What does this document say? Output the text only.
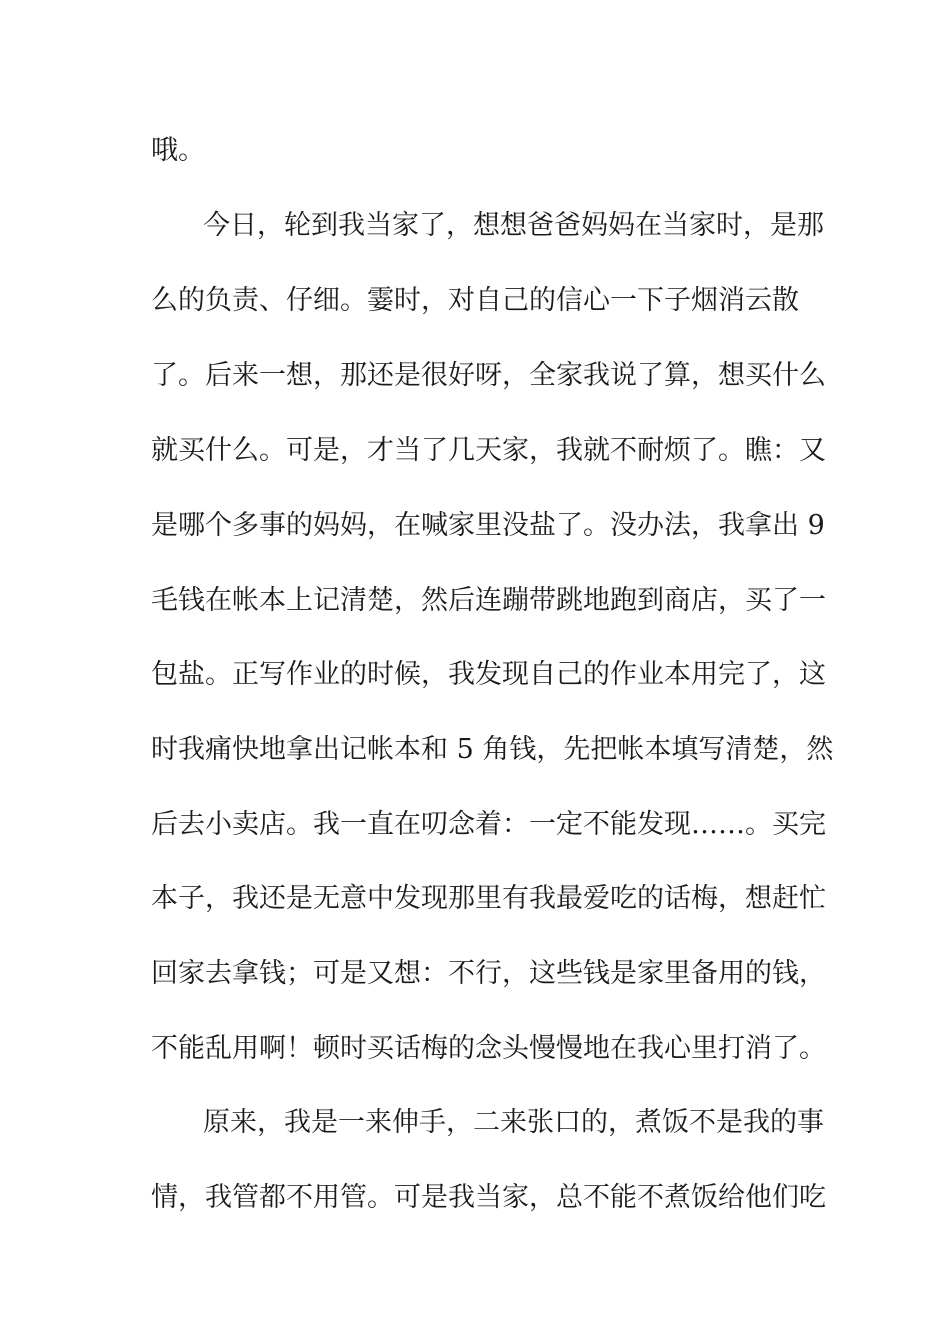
哦。
今日，轮到我当家了，想想爸爸妈妈在当家时，是那
么的负责、仔细。霎时，对自己的信心一下子烟消云散
了。后来一想，那还是很好呀，全家我说了算，想买什么
就买什么。可是，才当了几天家，我就不耐烦了。瞧：又
是哪个多事的妈妈，在喊家里没盐了。没办法，我拿出 9
毛钱在帐本上记清楚，然后连蹦带跳地跑到商店，买了一
包盐。正写作业的时候，我发现自己的作业本用完了，这
时我痛快地拿出记帐本和 5 角钱，先把帐本填写清楚，然
后去小卖店。我一直在叨念着：一定不能发现……。买完
本子，我还是无意中发现那里有我最爱吃的话梅，想赶忙
回家去拿钱；可是又想：不行，这些钱是家里备用的钱，
不能乱用啊！顿时买话梅的念头慢慢地在我心里打消了。
原来，我是一来伸手，二来张口的，煮饭不是我的事
情，我管都不用管。可是我当家，总不能不煮饭给他们吃
